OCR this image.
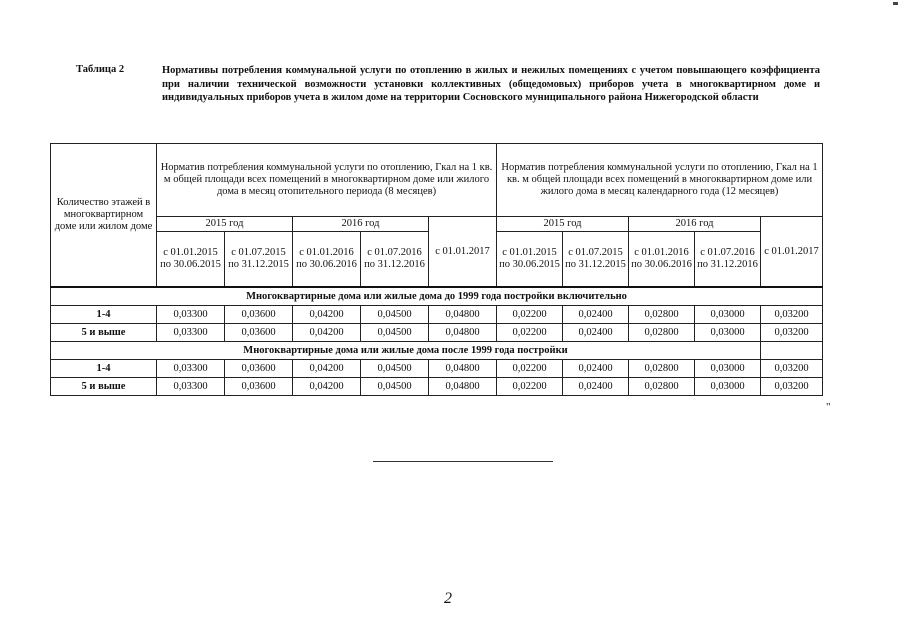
Таблица 2	Нормативы потребления коммунальной услуги по отоплению в жилых и нежилых помещениях с учетом повышающего коэффициента при наличии технической возможности установки коллективных (общедомовых) приборов учета в многоквартирном доме и индивидуальных приборов учета в жилом доме на территории Сосновского муниципального района Нижегородской области
Количество этажей в многоквартирном доме или жилом доме	Норматив потребления коммунальной услуги по отоплению, Гкал на 1 кв. м общей площади всех помещений в многоквартирном доме или жилого дома в месяц отопительного периода (8 месяцев)					Норматив потребления коммунальной услуги по отоплению, Гкал на 1 кв. м общей площади всех помещений в многоквартирном доме или жилого дома в месяц календарного года (12 месяцев)				
	2015 год		2016 год		с 01.01.2017	2015 год		2016 год		с 01.01.2017
	с 01.01.2015 по 30.06.2015	с 01.07.2015 по 31.12.2015	с 01.01.2016 по 30.06.2016	с 01.07.2016 по 31.12.2016		с 01.01.2015 по 30.06.2015	с 01.07.2015 по 31.12.2015	с 01.01.2016 по 30.06.2016	с 01.07.2016 по 31.12.2016	
Многоквартирные дома или жилые дома до 1999 года постройки включительно										
1-4	0,03300	0,03600	0,04200	0,04500	0,04800	0,02200	0,02400	0,02800	0,03000	0,03200
5 и выше	0,03300	0,03600	0,04200	0,04500	0,04800	0,02200	0,02400	0,02800	0,03000	0,03200
Многоквартирные дома или жилые дома после 1999 года постройки										
1-4	0,03300	0,03600	0,04200	0,04500	0,04800	0,02200	0,02400	0,02800	0,03000	0,03200
5 и выше	0,03300	0,03600	0,04200	0,04500	0,04800	0,02200	0,02400	0,02800	0,03000	0,03200
"
2
